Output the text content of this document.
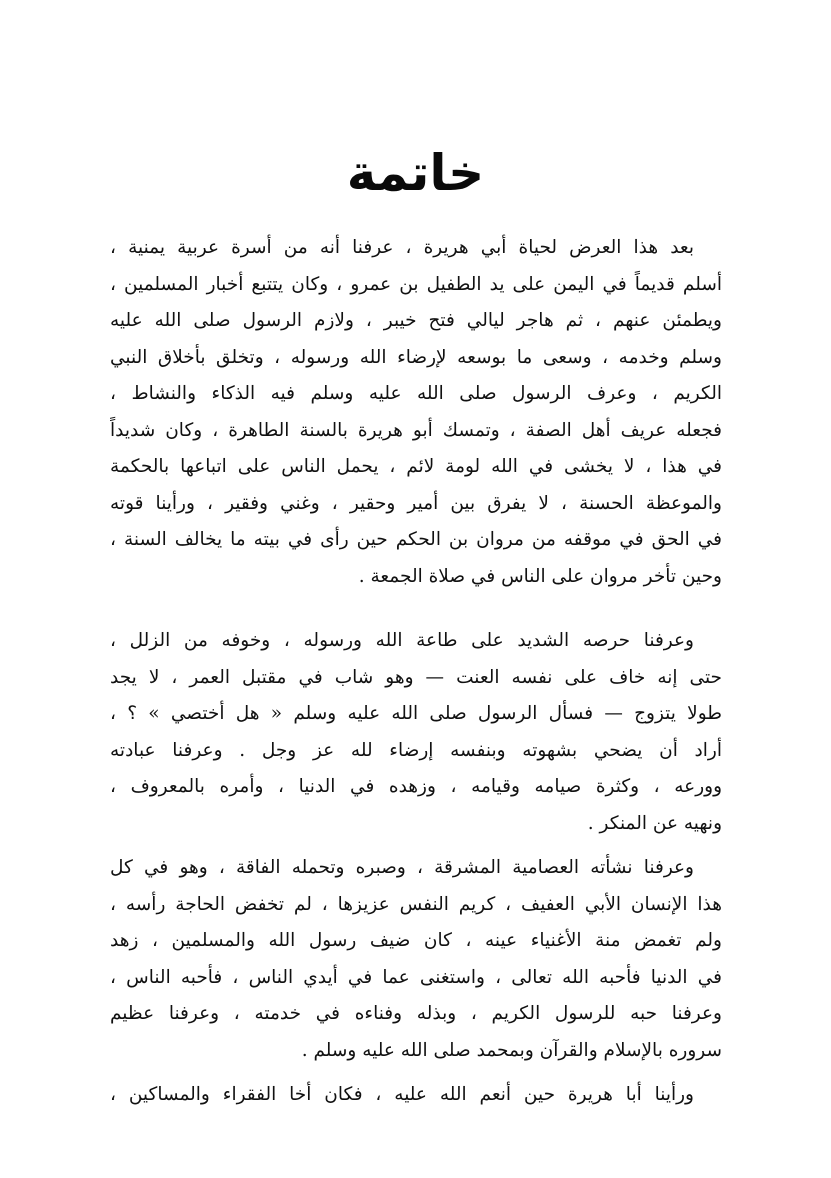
خاتمة
بعد هذا العرض لحياة أبي هريرة ، عرفنا أنه من أسرة عربية يمنية ،
أسلم قديماً في اليمن على يد الطفيل بن عمرو ، وكان يتتبع أخبار المسلمين ،
ويطمئن عنهم ، ثم هاجر ليالي فتح خيبر ، ولازم الرسول صلى الله عليه
وسلم وخدمه ، وسعى ما بوسعه لإرضاء الله ورسوله ، وتخلق بأخلاق النبي
الكريم ، وعرف الرسول صلى الله عليه وسلم فيه الذكاء والنشاط ،
فجعله عريف أهل الصفة ، وتمسك أبو هريرة بالسنة الطاهرة ، وكان شديداً
في هذا ، لا يخشى في الله لومة لائم ، يحمل الناس على اتباعها بالحكمة
والموعظة الحسنة ، لا يفرق بين أمير وحقير ، وغني وفقير ، ورأينا قوته
في الحق في موقفه من مروان بن الحكم حين رأى في بيته ما يخالف السنة ،
وحين تأخر مروان على الناس في صلاة الجمعة .
وعرفنا حرصه الشديد على طاعة الله ورسوله ، وخوفه من الزلل ،
حتى إنه خاف على نفسه العنت — وهو شاب في مقتبل العمر ، لا يجد
طولا يتزوج — فسأل الرسول صلى الله عليه وسلم « هل أختصي » ؟ ،
أراد أن يضحي بشهوته وبنفسه إرضاء لله عز وجل . وعرفنا عبادته
وورعه ، وكثرة صيامه وقيامه ، وزهده في الدنيا ، وأمره بالمعروف ،
ونهيه عن المنكر .
وعرفنا نشأته العصامية المشرقة ، وصبره وتحمله الفاقة ، وهو في كل
هذا الإنسان الأبي العفيف ، كريم النفس عزيزها ، لم تخفض الحاجة رأسه ،
ولم تغمض منة الأغنياء عينه ، كان ضيف رسول الله والمسلمين ، زهد
في الدنيا فأحبه الله تعالى ، واستغنى عما في أيدي الناس ، فأحبه الناس ،
وعرفنا حبه للرسول الكريم ، وبذله وفناءه في خدمته ، وعرفنا عظيم
سروره بالإسلام والقرآن وبمحمد صلى الله عليه وسلم .
ورأينا أبا هريرة حين أنعم الله عليه ، فكان أخا الفقراء والمساكين ،
